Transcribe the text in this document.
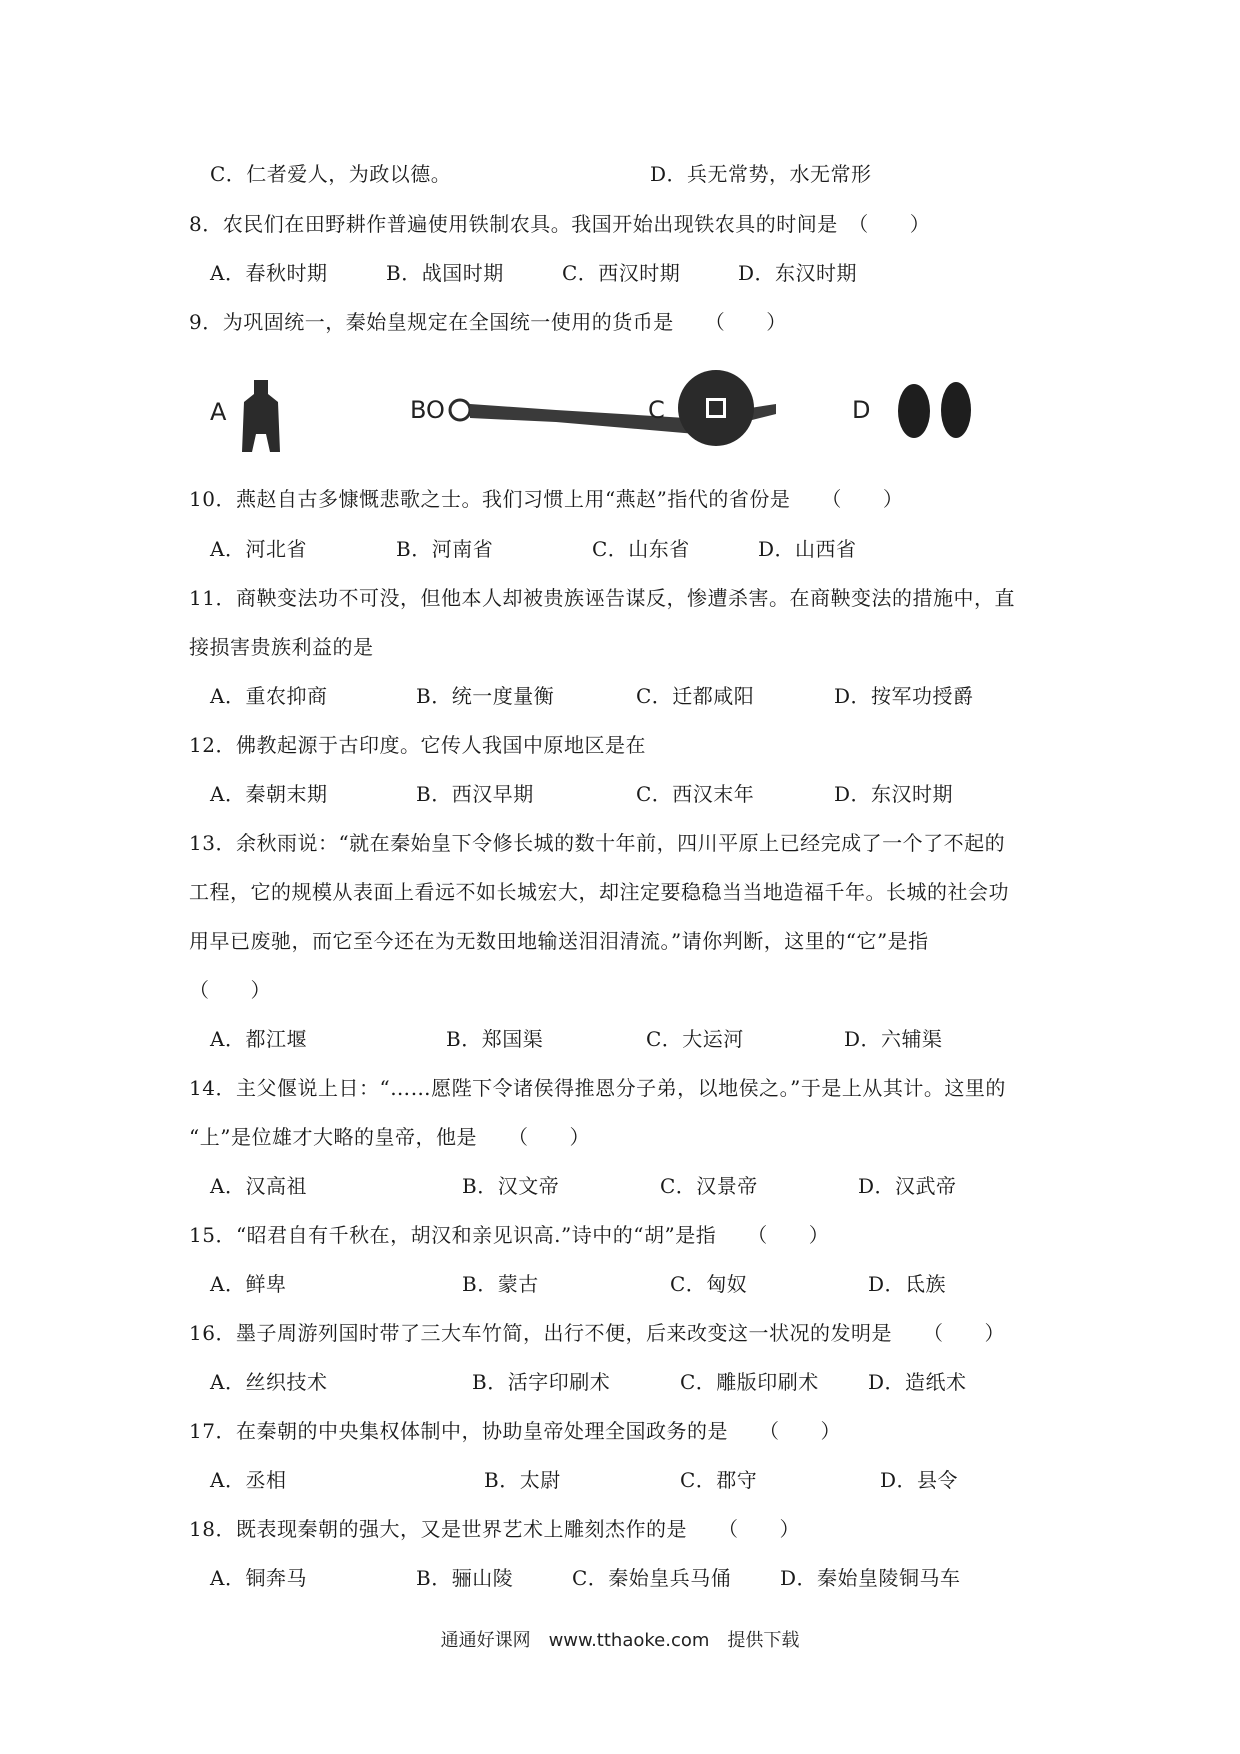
C．仁者爱人，为政以德。	D．兵无常势，水无常形
8．农民们在田野耕作普遍使用铁制农具。我国开始出现铁农具的时间是　（　　）
A．春秋时期	B．战国时期	C．西汉时期	D．东汉时期
9．为巩固统一，秦始皇规定在全国统一使用的货币是　　（　　）
A	BO	C	D
10．燕赵自古多慷慨悲歌之士。我们习惯上用“燕赵”指代的省份是　　（　　）
A．河北省	B．河南省	C．山东省	D．山西省
11．商鞅变法功不可没，但他本人却被贵族诬告谋反，惨遭杀害。在商鞅变法的措施中，直
接损害贵族利益的是
A．重农抑商	B．统一度量衡	C．迁都咸阳	D．按军功授爵
12．佛教起源于古印度。它传人我国中原地区是在
A．秦朝末期	B．西汉早期	C．西汉末年	D．东汉时期
13．余秋雨说：“就在秦始皇下令修长城的数十年前，四川平原上已经完成了一个了不起的
工程，它的规模从表面上看远不如长城宏大，却注定要稳稳当当地造福千年。长城的社会功
用早已废驰，而它至今还在为无数田地输送泪泪清流。”请你判断，这里的“它”是指
（　　）
A．都江堰	B．郑国渠	C．大运河	D．六辅渠
14．主父偃说上日：“……愿陛下令诸侯得推恩分子弟，以地侯之。”于是上从其计。这里的
“上”是位雄才大略的皇帝，他是　　（　　）
A．汉高祖	B．汉文帝	C．汉景帝	D．汉武帝
15．“昭君自有千秋在，胡汉和亲见识高.”诗中的“胡”是指　　（　　）
A．鲜卑	B．蒙古	C．匈奴	D．氐族
16．墨子周游列国时带了三大车竹简，出行不便，后来改变这一状况的发明是　　（　　）
A．丝织技术	B．活字印刷术	C．雕版印刷术 D．造纸术
17．在秦朝的中央集权体制中，协助皇帝处理全国政务的是　　（　　）
A．丞相	B．太尉	C．郡守	D．县令
18．既表现秦朝的强大，又是世界艺术上雕刻杰作的是　　（　　）
A．铜奔马	B．骊山陵	C．秦始皇兵马俑 D．秦始皇陵铜马车
通通好课网　www.tthaoke.com　提供下载
